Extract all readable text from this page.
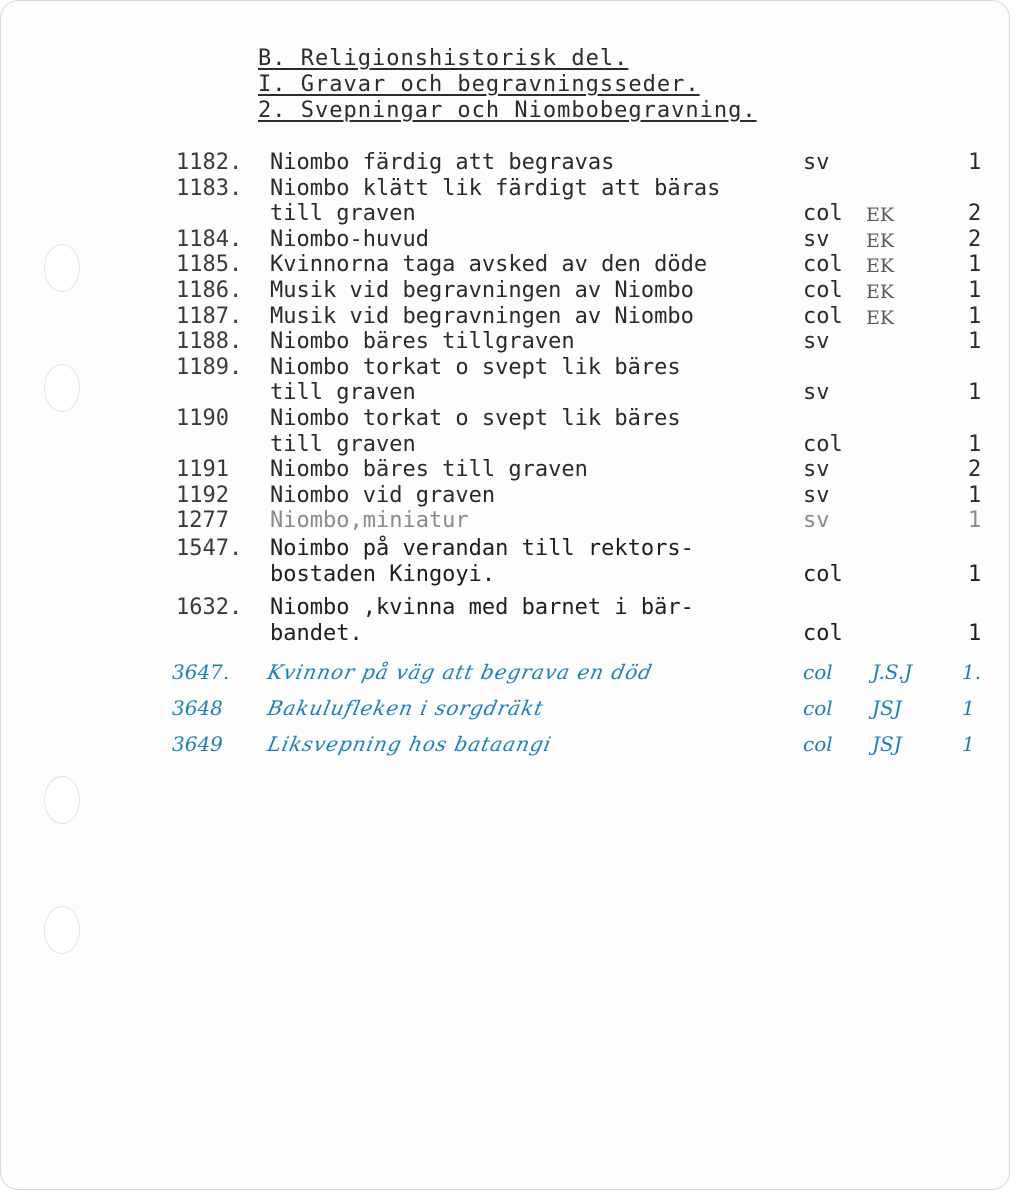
B. Religionshistorisk del.
I. Gravar och begravningsseder.
2. Svepningar och Niombobegravning.
1182. Niombo färdig att begravas	sv	1
1183. Niombo klätt lik färdigt att bäras
till graven	col EK	2
1184. Niombo-huvud	sv EK	2
1185. Kvinnorna taga avsked av den döde	col EK	1
1186. Musik vid begravningen av Niombo	col EK	1
1187. Musik vid begravningen av Niombo	col EK	1
1188. Niombo bäres tillgraven	sv	1
1189. Niombo torkat o svept lik bäres
till graven	sv	1
1190 Niombo torkat o svept lik bäres
till graven	col	1
1191 Niombo bäres till graven	sv	2
1192 Niombo vid graven	sv	1
1277 Niombo,miniatur	sv	1
1547. Noimbo på verandan till rektors-
bostaden Kingoyi.	col	1
1632. Niombo ,kvinna med barnet i bär-
bandet.	col	1
3647. Kvinnor på väg att begrava en död	col J.S.J 1.
3648 Bakulufleken i sorgdräkt	col JSJ	1
3649 Liksvepning hos bataangi	col JSJ	1
